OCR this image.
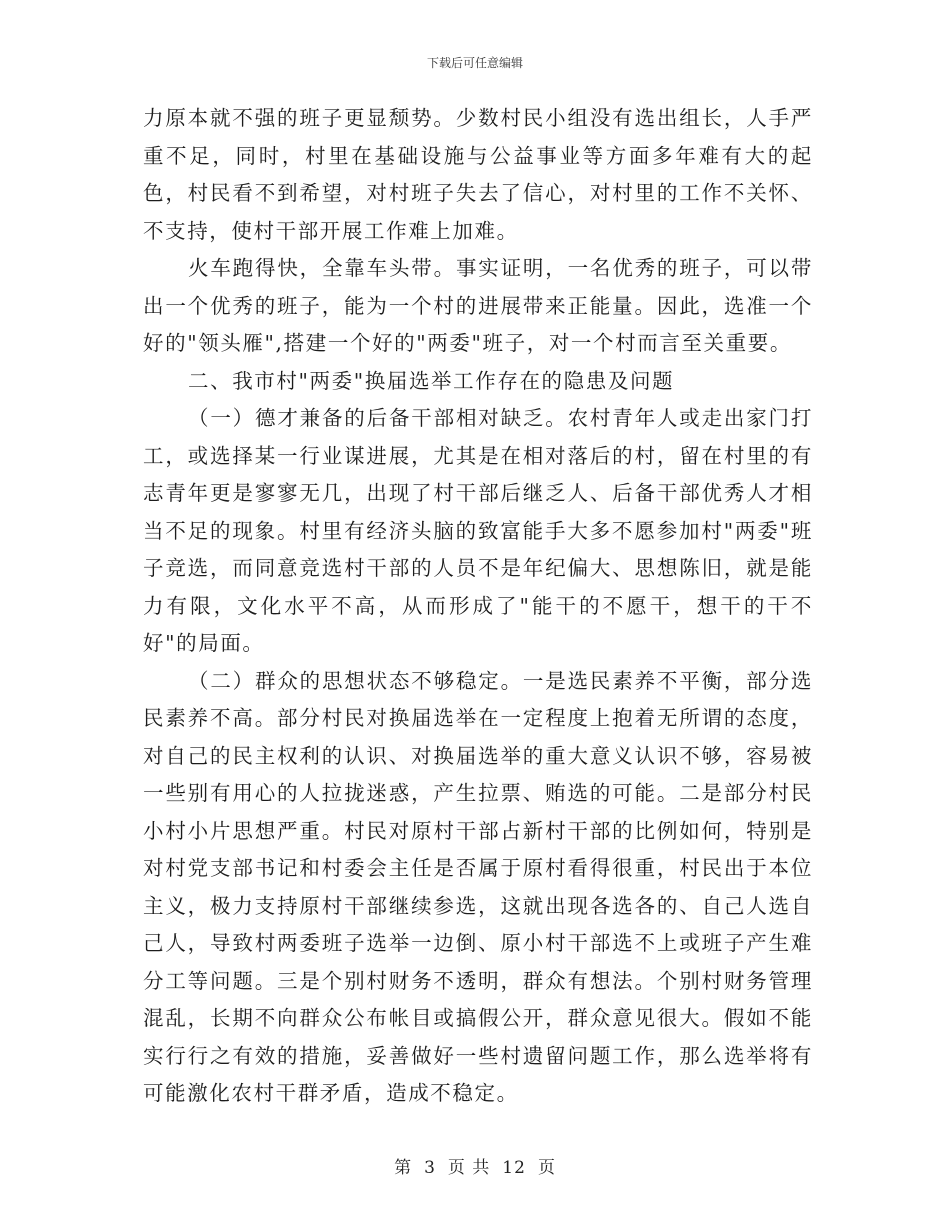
下载后可任意编辑

力原本就不强的班子更显颓势。少数村民小组没有选出组长，人手严重不足，同时，村里在基础设施与公益事业等方面多年难有大的起色，村民看不到希望，对村班子失去了信心，对村里的工作不关怀、不支持，使村干部开展工作难上加难。

火车跑得快，全靠车头带。事实证明，一名优秀的班子，可以带出一个优秀的班子，能为一个村的进展带来正能量。因此，选准一个好的"领头雁",搭建一个好的"两委"班子，对一个村而言至关重要。

二、我市村"两委"换届选举工作存在的隐患及问题

（一）德才兼备的后备干部相对缺乏。农村青年人或走出家门打工，或选择某一行业谋进展，尤其是在相对落后的村，留在村里的有志青年更是寥寥无几，出现了村干部后继乏人、后备干部优秀人才相当不足的现象。村里有经济头脑的致富能手大多不愿参加村"两委"班子竞选，而同意竞选村干部的人员不是年纪偏大、思想陈旧，就是能力有限，文化水平不高，从而形成了"能干的不愿干，想干的干不好"的局面。

（二）群众的思想状态不够稳定。一是选民素养不平衡，部分选民素养不高。部分村民对换届选举在一定程度上抱着无所谓的态度，对自己的民主权利的认识、对换届选举的重大意义认识不够，容易被一些别有用心的人拉拢迷惑，产生拉票、贿选的可能。二是部分村民小村小片思想严重。村民对原村干部占新村干部的比例如何，特别是对村党支部书记和村委会主任是否属于原村看得很重，村民出于本位主义，极力支持原村干部继续参选，这就出现各选各的、自己人选自己人，导致村两委班子选举一边倒、原小村干部选不上或班子产生难分工等问题。三是个别村财务不透明，群众有想法。个别村财务管理混乱，长期不向群众公布帐目或搞假公开，群众意见很大。假如不能实行行之有效的措施，妥善做好一些村遗留问题工作，那么选举将有可能激化农村干群矛盾，造成不稳定。

第 3 页 共 12 页
